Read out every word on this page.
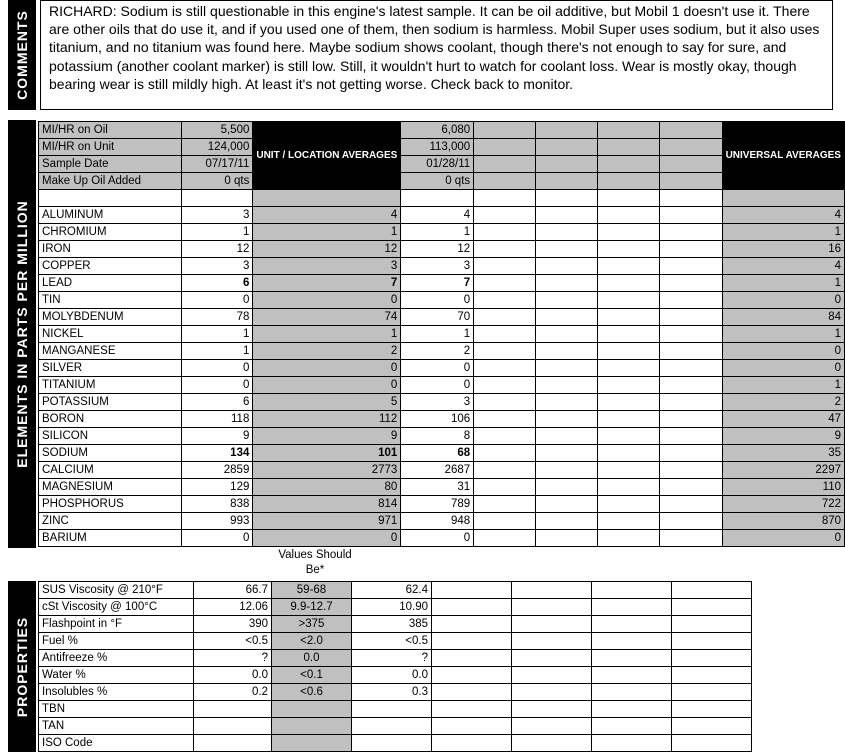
COMMENTS RICHARD: Sodium is still questionable in this engine's latest sample. It can be oil additive, but Mobil 1 doesn't use it. There are other oils that do use it, and if you used one of them, then sodium is harmless. Mobil Super uses sodium, but it also uses titanium, and no titanium was found here. Maybe sodium shows coolant, though there's not enough to say for sure, and potassium (another coolant marker) is still low. Still, it wouldn't hurt to watch for coolant loss. Wear is mostly okay, though bearing wear is still mildly high. At least it's not getting worse. Check back to monitor.
ELEMENTS IN PARTS PER MILLION
MI/HR on Oil	5,500	UNIT / LOCATION AVERAGES	6,080					UNIVERSAL AVERAGES
MI/HR on Unit	124,000		113,000					
Sample Date	07/17/11		01/28/11					
Make Up Oil Added	0 qts		0 qts					

ALUMINUM	3	4	4					4
CHROMIUM	1	1	1					1
IRON	12	12	12					16
COPPER	3	3	3					4
LEAD	6	7	7					1
TIN	0	0	0					0
MOLYBDENUM	78	74	70					84
NICKEL	1	1	1					1
MANGANESE	1	2	2					0
SILVER	0	0	0					0
TITANIUM	0	0	0					1
POTASSIUM	6	5	3					2
BORON	118	112	106					47
SILICON	9	9	8					9
SODIUM	134	101	68					35
CALCIUM	2859	2773	2687					2297
MAGNESIUM	129	80	31					110
PHOSPHORUS	838	814	789					722
ZINC	993	971	948					870
BARIUM	0	0	0					0
Values Should Be*
PROPERTIES
SUS Viscosity @ 210°F	66.7	59-68	62.4				
cSt Viscosity @ 100°C	12.06	9.9-12.7	10.90				
Flashpoint in °F	390	>375	385				
Fuel %	<0.5	<2.0	<0.5				
Antifreeze %	?	0.0	?				
Water %	0.0	<0.1	0.0				
Insolubles %	0.2	<0.6	0.3				
TBN							
TAN							
ISO Code							
